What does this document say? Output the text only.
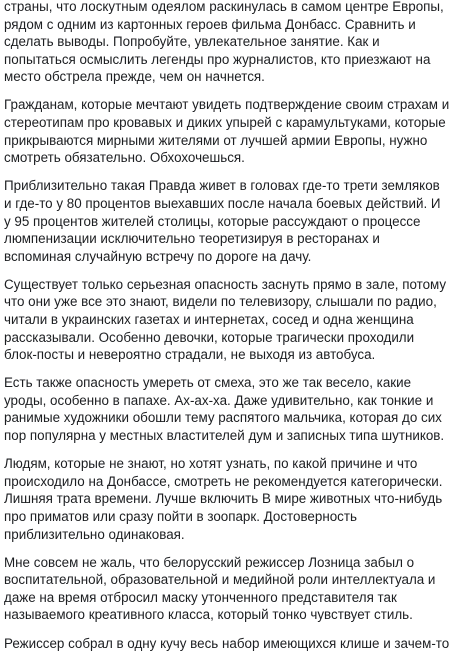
страны, что лоскутным одеялом раскинулась в самом центре Европы, рядом с одним из картонных героев фильма Донбасс. Сравнить и сделать выводы. Попробуйте, увлекательное занятие. Как и попытаться осмыслить легенды про журналистов, кто приезжают на место обстрела прежде, чем он начнется.

Гражданам, которые мечтают увидеть подтверждение своим страхам и стереотипам про кровавых и диких упырей с карамультуками, которые прикрываются мирными жителями от лучшей армии Европы, нужно смотреть обязательно. Обхохочешься.

Приблизительно такая Правда живет в головах где-то трети земляков и где-то у 80 процентов выехавших после начала боевых действий. И у 95 процентов жителей столицы, которые рассуждают о процессе люмпенизации исключительно теоретизируя в ресторанах и вспоминая случайную встречу по дороге на дачу.

Существует только серьезная опасность заснуть прямо в зале, потому что они уже все это знают, видели по телевизору, слышали по радио, читали в украинских газетах и интернетах, сосед и одна женщина рассказывали. Особенно девочки, которые трагически проходили блок-посты и невероятно страдали, не выходя из автобуса.

Есть также опасность умереть от смеха, это же так весело, какие уроды, особенно в папахе. Ах-ах-ха. Даже удивительно, как тонкие и ранимые художники обошли тему распятого мальчика, которая до сих пор популярна у местных властителей дум и записных типа шутников.

Людям, которые не знают, но хотят узнать, по какой причине и что происходило на Донбассе, смотреть не рекомендуется категорически. Лишняя трата времени. Лучше включить В мире животных что-нибудь про приматов или сразу пойти в зоопарк. Достоверность приблизительно одинаковая.

Мне совсем не жаль, что белорусский режиссер Лозница забыл о воспитательной, образовательной и медийной роли интеллектуала и даже на время отбросил маску утонченного представителя так называемого креативного класса, который тонко чувствует стиль.

Режиссер собрал в одну кучу весь набор имеющихся клише и зачем-то
